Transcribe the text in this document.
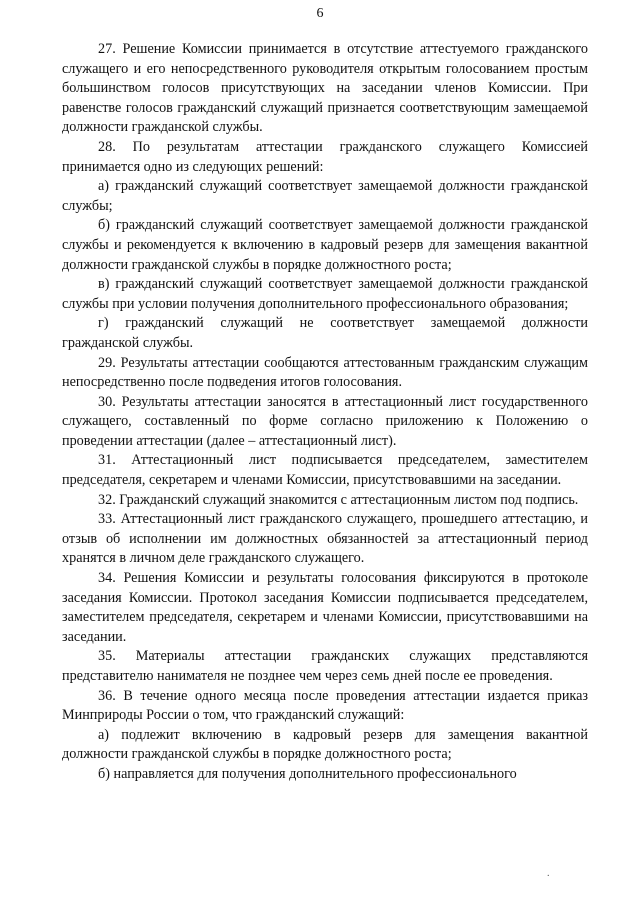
6

27. Решение Комиссии принимается в отсутствие аттестуемого гражданского служащего и его непосредственного руководителя открытым голосованием простым большинством голосов присутствующих на заседании членов Комиссии. При равенстве голосов гражданский служащий признается соответствующим замещаемой должности гражданской службы.

28. По результатам аттестации гражданского служащего Комиссией принимается одно из следующих решений:

а) гражданский служащий соответствует замещаемой должности гражданской службы;

б) гражданский служащий соответствует замещаемой должности гражданской службы и рекомендуется к включению в кадровый резерв для замещения вакантной должности гражданской службы в порядке должностного роста;

в) гражданский служащий соответствует замещаемой должности гражданской службы при условии получения дополнительного профессионального образования;

г) гражданский служащий не соответствует замещаемой должности гражданской службы.

29. Результаты аттестации сообщаются аттестованным гражданским служащим непосредственно после подведения итогов голосования.

30. Результаты аттестации заносятся в аттестационный лист государственного служащего, составленный по форме согласно приложению к Положению о проведении аттестации (далее – аттестационный лист).

31. Аттестационный лист подписывается председателем, заместителем председателя, секретарем и членами Комиссии, присутствовавшими на заседании.

32. Гражданский служащий знакомится с аттестационным листом под подпись.

33. Аттестационный лист гражданского служащего, прошедшего аттестацию, и отзыв об исполнении им должностных обязанностей за аттестационный период хранятся в личном деле гражданского служащего.

34. Решения Комиссии и результаты голосования фиксируются в протоколе заседания Комиссии. Протокол заседания Комиссии подписывается председателем, заместителем председателя, секретарем и членами Комиссии, присутствовавшими на заседании.

35. Материалы аттестации гражданских служащих представляются представителю нанимателя не позднее чем через семь дней после ее проведения.

36. В течение одного месяца после проведения аттестации издается приказ Минприроды России о том, что гражданский служащий:

а) подлежит включению в кадровый резерв для замещения вакантной должности гражданской службы в порядке должностного роста;

б) направляется для получения дополнительного профессионального

.
